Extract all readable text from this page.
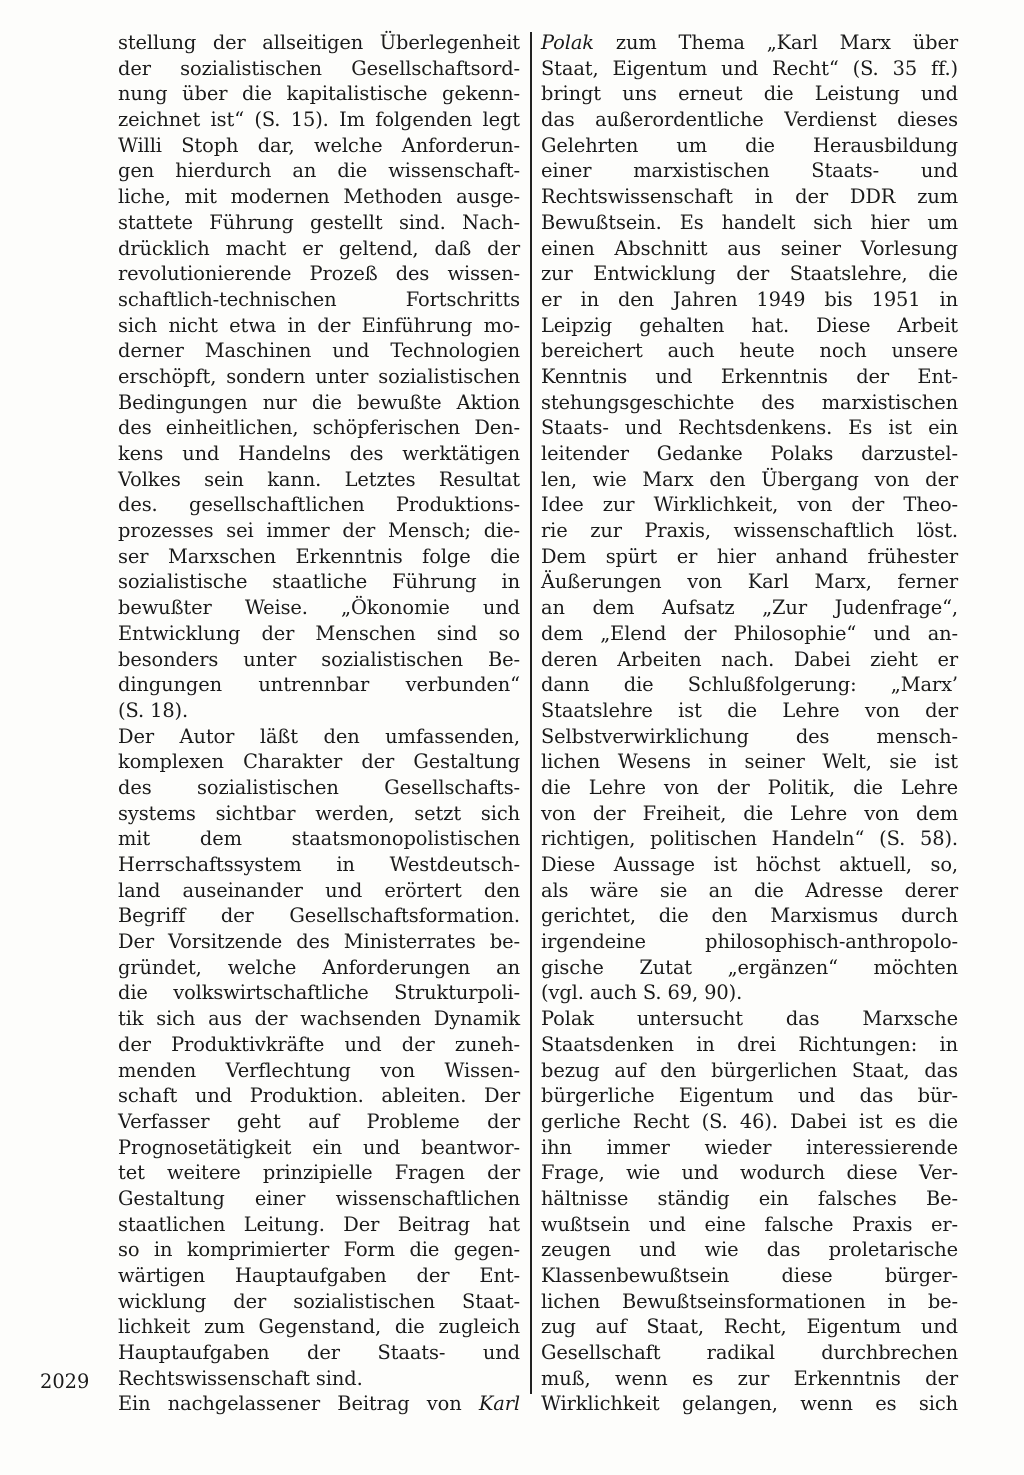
stellung der allseitigen Überlegenheit
der sozialistischen Gesellschaftsord-
nung über die kapitalistische gekenn-
zeichnet ist“ (S. 15). Im folgenden legt
Willi Stoph dar, welche Anforderun-
gen hierdurch an die wissenschaft-
liche, mit modernen Methoden ausge-
stattete Führung gestellt sind. Nach-
drücklich macht er geltend, daß der
revolutionierende Prozeß des wissen-
schaftlich-technischen Fortschritts
sich nicht etwa in der Einführung mo-
derner Maschinen und Technologien
erschöpft, sondern unter sozialistischen
Bedingungen nur die bewußte Aktion
des einheitlichen, schöpferischen Den-
kens und Handelns des werktätigen
Volkes sein kann. Letztes Resultat
des. gesellschaftlichen Produktions-
prozesses sei immer der Mensch; die-
ser Marxschen Erkenntnis folge die
sozialistische staatliche Führung in
bewußter Weise. „Ökonomie und
Entwicklung der Menschen sind so
besonders unter sozialistischen Be-
dingungen untrennbar verbunden“
(S. 18).
Der Autor läßt den umfassenden,
komplexen Charakter der Gestaltung
des sozialistischen Gesellschafts-
systems sichtbar werden, setzt sich
mit dem staatsmonopolistischen
Herrschaftssystem in Westdeutsch-
land auseinander und erörtert den
Begriff der Gesellschaftsformation.
Der Vorsitzende des Ministerrates be-
gründet, welche Anforderungen an
die volkswirtschaftliche Strukturpoli-
tik sich aus der wachsenden Dynamik
der Produktivkräfte und der zuneh-
menden Verflechtung von Wissen-
schaft und Produktion. ableiten. Der
Verfasser geht auf Probleme der
Prognosetätigkeit ein und beantwor-
tet weitere prinzipielle Fragen der
Gestaltung einer wissenschaftlichen
staatlichen Leitung. Der Beitrag hat
so in komprimierter Form die gegen-
wärtigen Hauptaufgaben der Ent-
wicklung der sozialistischen Staat-
lichkeit zum Gegenstand, die zugleich
Hauptaufgaben der Staats- und
Rechtswissenschaft sind.
Ein nachgelassener Beitrag von Karl
Polak zum Thema „Karl Marx über
Staat, Eigentum und Recht“ (S. 35 ff.)
bringt uns erneut die Leistung und
das außerordentliche Verdienst dieses
Gelehrten um die Herausbildung
einer marxistischen Staats- und
Rechtswissenschaft in der DDR zum
Bewußtsein. Es handelt sich hier um
einen Abschnitt aus seiner Vorlesung
zur Entwicklung der Staatslehre, die
er in den Jahren 1949 bis 1951 in
Leipzig gehalten hat. Diese Arbeit
bereichert auch heute noch unsere
Kenntnis und Erkenntnis der Ent-
stehungsgeschichte des marxistischen
Staats- und Rechtsdenkens. Es ist ein
leitender Gedanke Polaks darzustel-
len, wie Marx den Übergang von der
Idee zur Wirklichkeit, von der Theo-
rie zur Praxis, wissenschaftlich löst.
Dem spürt er hier anhand frühester
Äußerungen von Karl Marx, ferner
an dem Aufsatz „Zur Judenfrage“,
dem „Elend der Philosophie“ und an-
deren Arbeiten nach. Dabei zieht er
dann die Schlußfolgerung: „Marx’
Staatslehre ist die Lehre von der
Selbstverwirklichung des mensch-
lichen Wesens in seiner Welt, sie ist
die Lehre von der Politik, die Lehre
von der Freiheit, die Lehre von dem
richtigen, politischen Handeln“ (S. 58).
Diese Aussage ist höchst aktuell, so,
als wäre sie an die Adresse derer
gerichtet, die den Marxismus durch
irgendeine philosophisch-anthropolo-
gische Zutat „ergänzen“ möchten
(vgl. auch S. 69, 90).
Polak untersucht das Marxsche
Staatsdenken in drei Richtungen: in
bezug auf den bürgerlichen Staat, das
bürgerliche Eigentum und das bür-
gerliche Recht (S. 46). Dabei ist es die
ihn immer wieder interessierende
Frage, wie und wodurch diese Ver-
hältnisse ständig ein falsches Be-
wußtsein und eine falsche Praxis er-
zeugen und wie das proletarische
Klassenbewußtsein diese bürger-
lichen Bewußtseinsformationen in be-
zug auf Staat, Recht, Eigentum und
Gesellschaft radikal durchbrechen
muß, wenn es zur Erkenntnis der
Wirklichkeit gelangen, wenn es sich
2029
